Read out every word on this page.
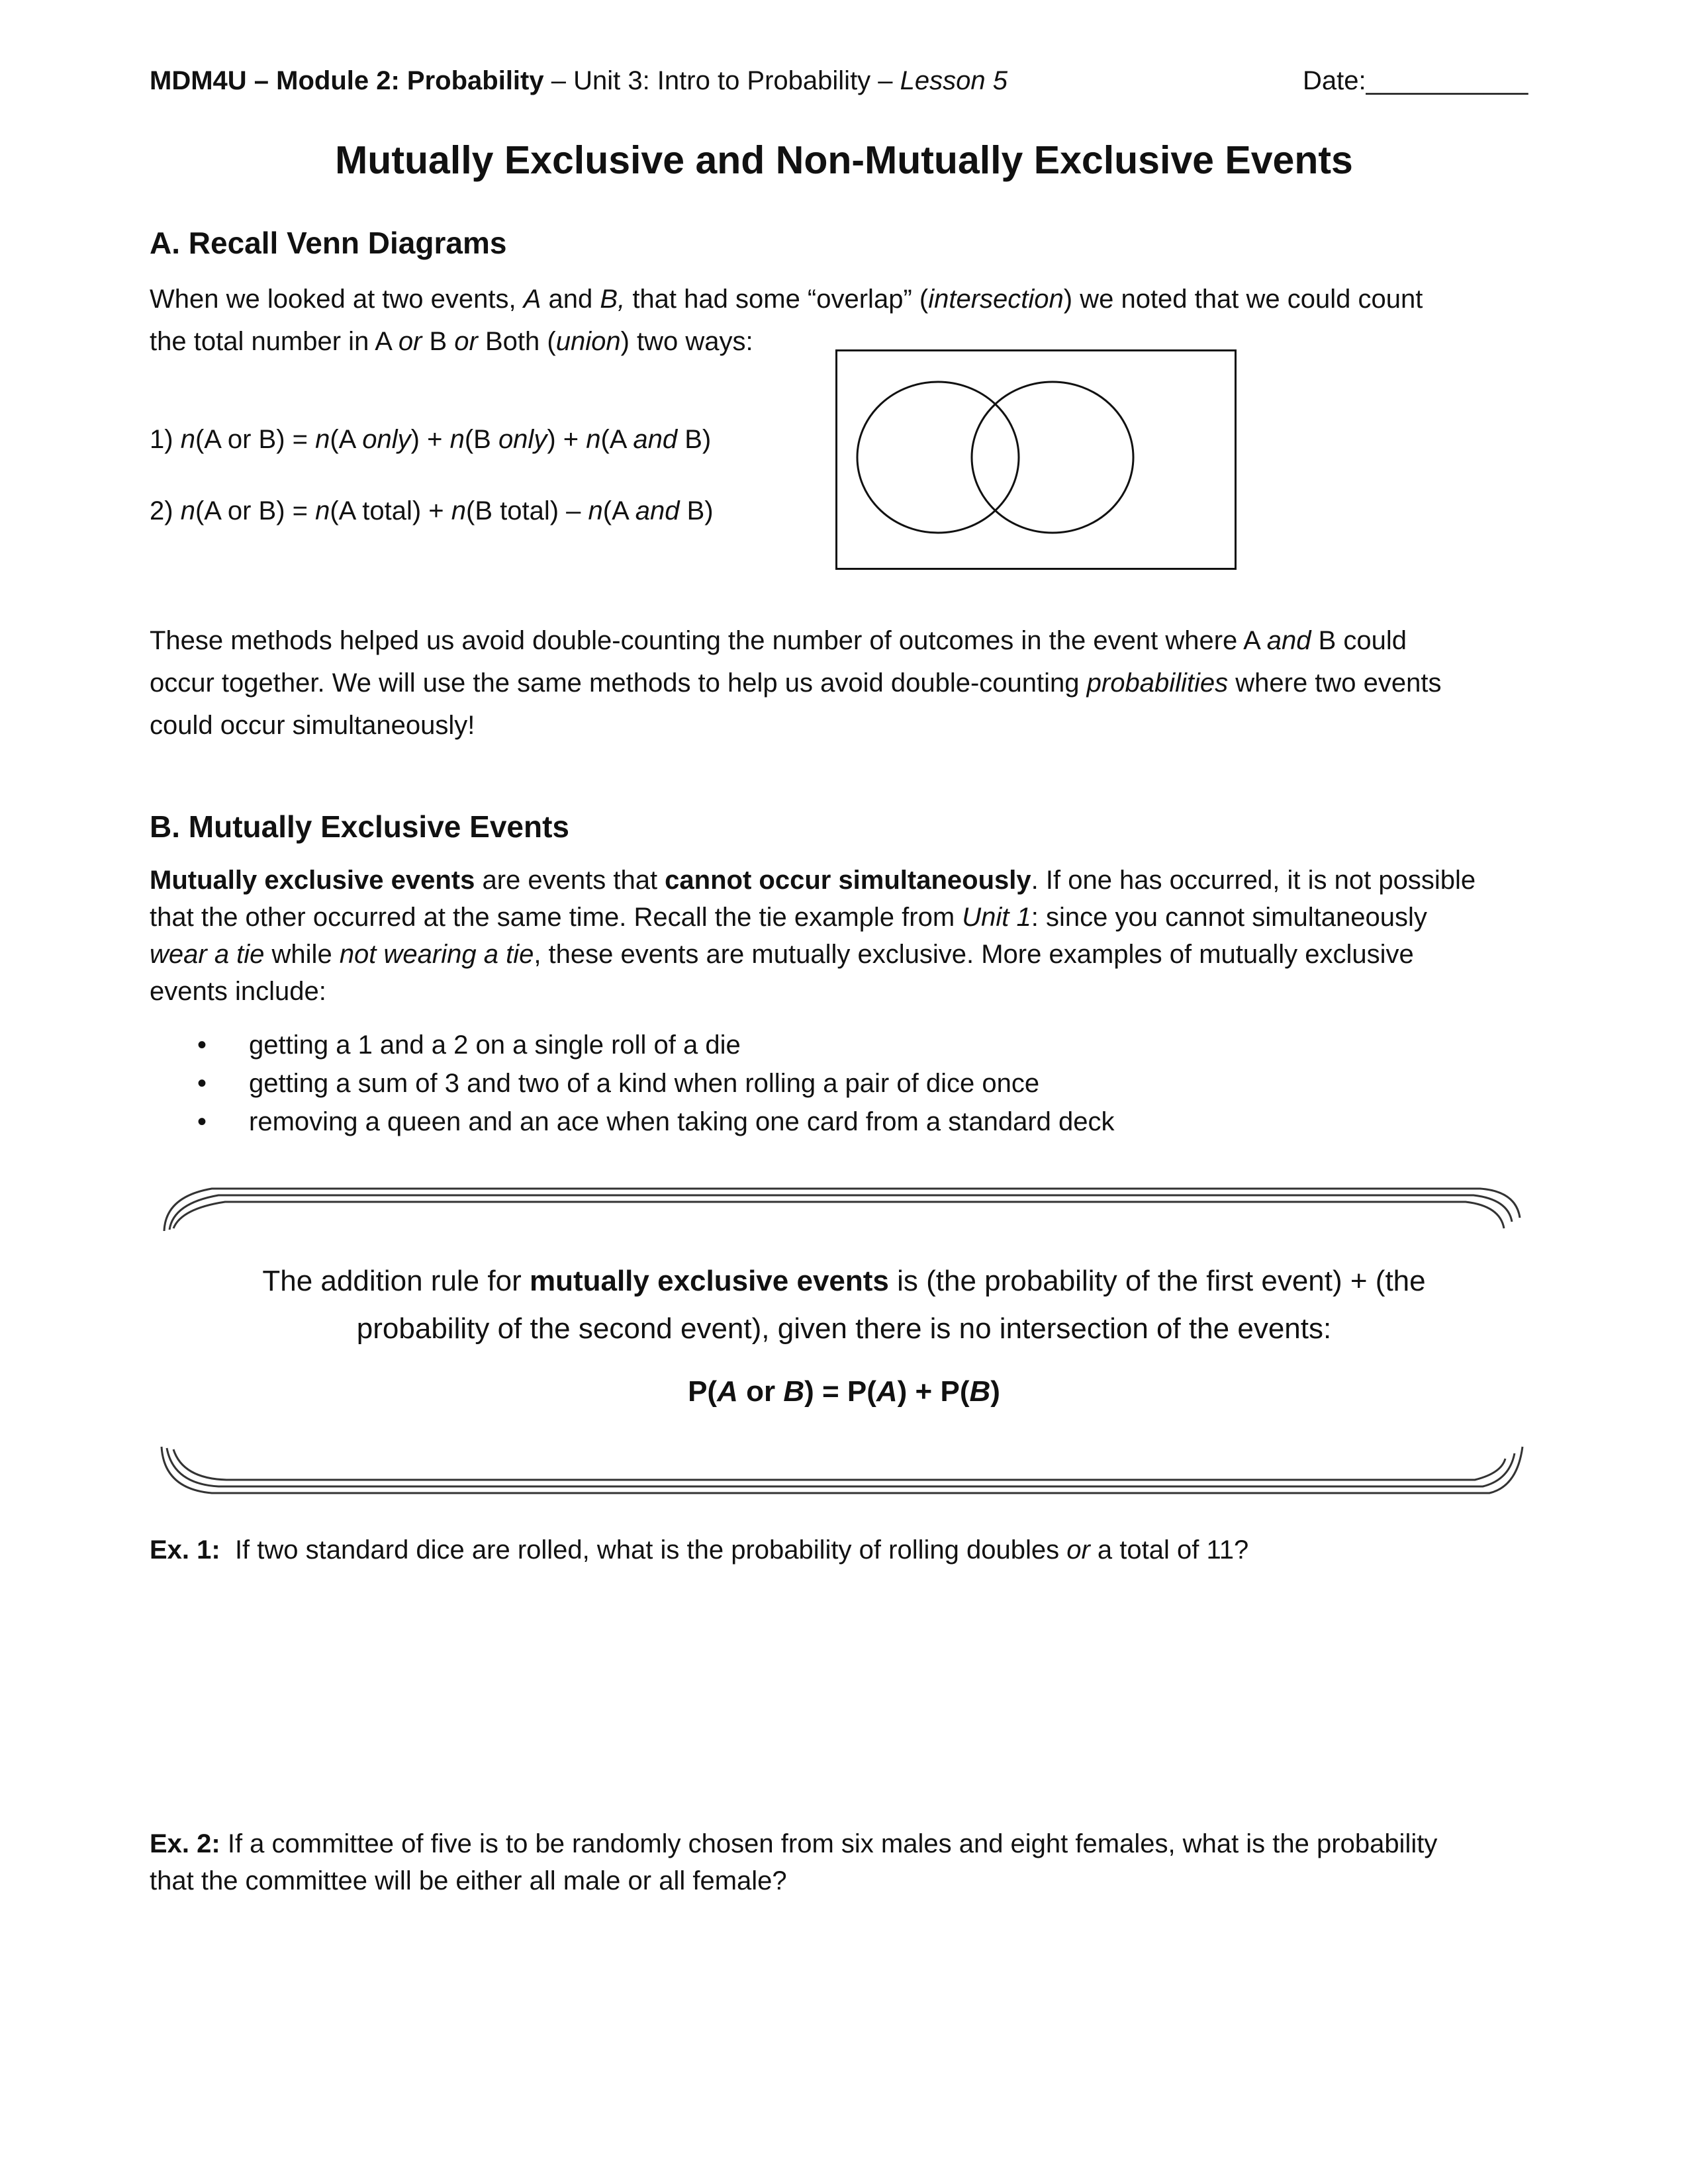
MDM4U – Module 2: Probability – Unit 3: Intro to Probability – Lesson 5	Date:___________
Mutually Exclusive and Non-Mutually Exclusive Events
A. Recall Venn Diagrams
When we looked at two events, A and B, that had some “overlap” (intersection) we noted that we could count
the total number in A or B or Both (union) two ways:
1) n(A or B) = n(A only) + n(B only) + n(A and B)
2) n(A or B) = n(A total) + n(B total) – n(A and B)
These methods helped us avoid double-counting the number of outcomes in the event where A and B could
occur together. We will use the same methods to help us avoid double-counting probabilities where two events
could occur simultaneously!
B. Mutually Exclusive Events
Mutually exclusive events are events that cannot occur simultaneously. If one has occurred, it is not possible
that the other occurred at the same time. Recall the tie example from Unit 1: since you cannot simultaneously
wear a tie while not wearing a tie, these events are mutually exclusive. More examples of mutually exclusive
events include:
• getting a 1 and a 2 on a single roll of a die
• getting a sum of 3 and two of a kind when rolling a pair of dice once
• removing a queen and an ace when taking one card from a standard deck
The addition rule for mutually exclusive events is (the probability of the first event) + (the
probability of the second event), given there is no intersection of the events:
P(A or B) = P(A) + P(B)
Ex. 1:  If two standard dice are rolled, what is the probability of rolling doubles or a total of 11?
Ex. 2: If a committee of five is to be randomly chosen from six males and eight females, what is the probability
that the committee will be either all male or all female?
